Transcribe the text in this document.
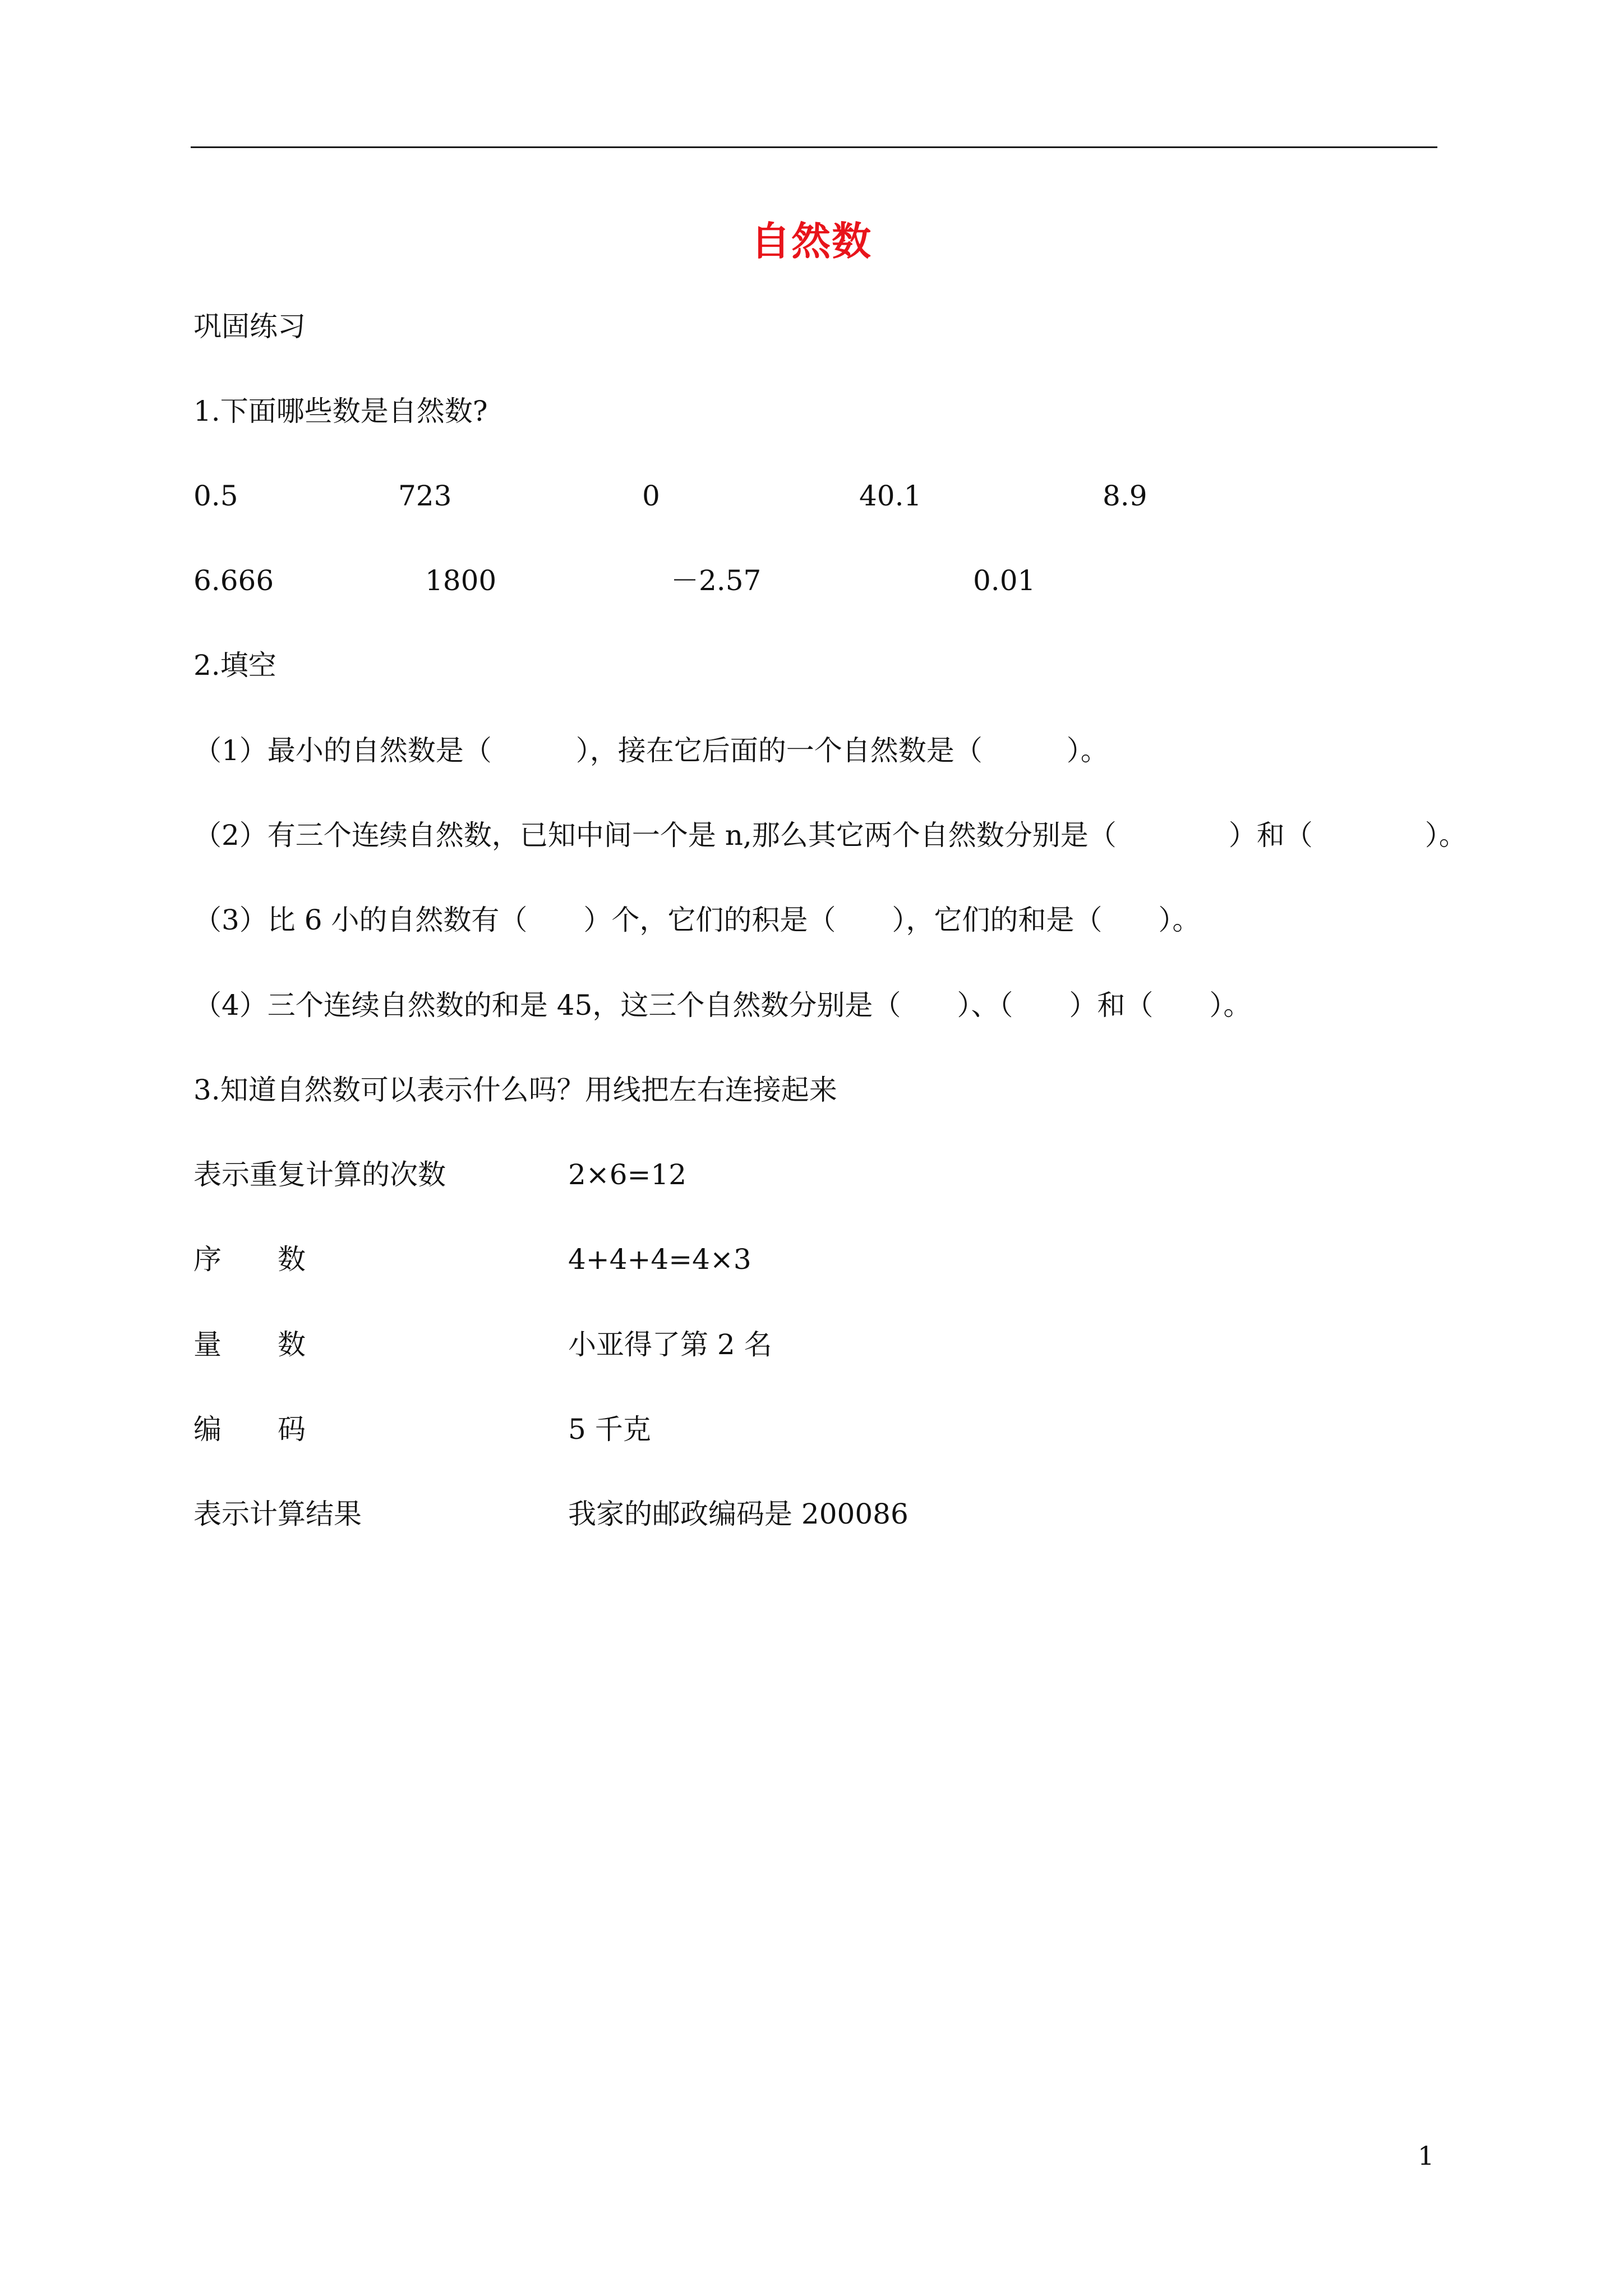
自然数
巩固练习
1.下面哪些数是自然数?
0.5	723	0	40.1	8.9
6.666	1800	－2.57	0.01
2.填空
（1）最小的自然数是（　　　），接在它后面的一个自然数是（　　　）。
（2）有三个连续自然数，已知中间一个是 n,那么其它两个自然数分别是（　　　　）和（　　　　）。
（3）比 6 小的自然数有（　　）个，它们的积是（　　），它们的和是（　　）。
（4）三个连续自然数的和是 45，这三个自然数分别是（　　）、（　　）和（　　）。
3.知道自然数可以表示什么吗？用线把左右连接起来
表示重复计算的次数	2×6=12
序　　数	4+4+4=4×3
量　　数	小亚得了第 2 名
编　　码	5 千克
表示计算结果	我家的邮政编码是 200086
1
